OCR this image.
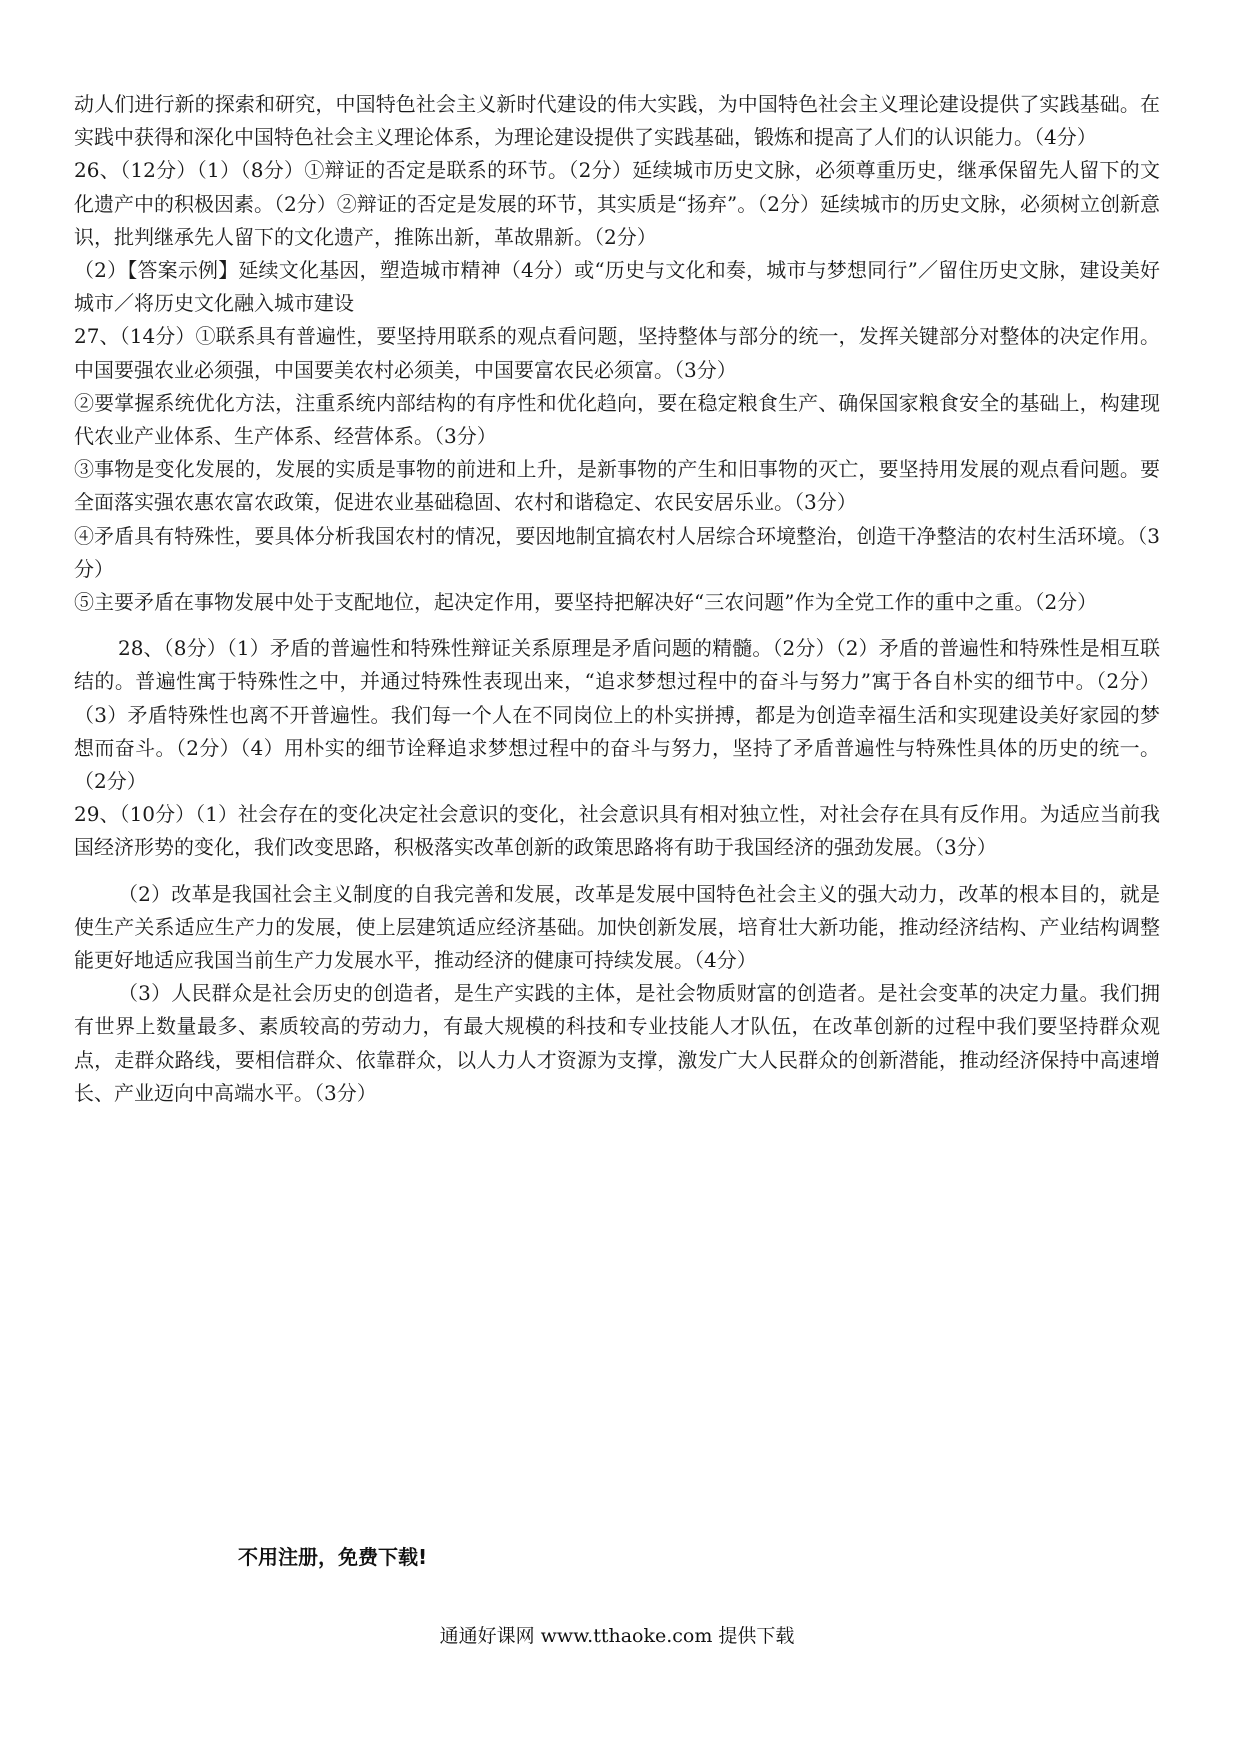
动人们进行新的探索和研究，中国特色社会主义新时代建设的伟大实践，为中国特色社会主义理论建设提供了实践基础。在实践中获得和深化中国特色社会主义理论体系，为理论建设提供了实践基础，锻炼和提高了人们的认识能力。（4分）

26、（12分）（1）（8分）①辩证的否定是联系的环节。（2分）延续城市历史文脉，必须尊重历史，继承保留先人留下的文化遗产中的积极因素。（2分）②辩证的否定是发展的环节，其实质是“扬弃”。（2分）延续城市的历史文脉，必须树立创新意识，批判继承先人留下的文化遗产，推陈出新，革故鼎新。（2分）

（2）【答案示例】延续文化基因，塑造城市精神（4分）或“历史与文化和奏，城市与梦想同行”／留住历史文脉，建设美好城市／将历史文化融入城市建设

27、（14分）①联系具有普遍性，要坚持用联系的观点看问题，坚持整体与部分的统一，发挥关键部分对整体的决定作用。中国要强农业必须强，中国要美农村必须美，中国要富农民必须富。（3分）

②要掌握系统优化方法，注重系统内部结构的有序性和优化趋向，要在稳定粮食生产、确保国家粮食安全的基础上，构建现代农业产业体系、生产体系、经营体系。（3分）

③事物是变化发展的，发展的实质是事物的前进和上升，是新事物的产生和旧事物的灭亡，要坚持用发展的观点看问题。要全面落实强农惠农富农政策，促进农业基础稳固、农村和谐稳定、农民安居乐业。（3分）

④矛盾具有特殊性，要具体分析我国农村的情况，要因地制宜搞农村人居综合环境整治，创造干净整洁的农村生活环境。（3分）

⑤主要矛盾在事物发展中处于支配地位，起决定作用，要坚持把解决好“三农问题”作为全党工作的重中之重。（2分）

28、（8分）（1）矛盾的普遍性和特殊性辩证关系原理是矛盾问题的精髓。（2分）（2）矛盾的普遍性和特殊性是相互联结的。普遍性寓于特殊性之中，并通过特殊性表现出来，“追求梦想过程中的奋斗与努力”寓于各自朴实的细节中。（2分）（3）矛盾特殊性也离不开普遍性。我们每一个人在不同岗位上的朴实拼搏，都是为创造幸福生活和实现建设美好家园的梦想而奋斗。（2分）（4）用朴实的细节诠释追求梦想过程中的奋斗与努力，坚持了矛盾普遍性与特殊性具体的历史的统一。（2分）

29、（10分）（1）社会存在的变化决定社会意识的变化，社会意识具有相对独立性，对社会存在具有反作用。为适应当前我国经济形势的变化，我们改变思路，积极落实改革创新的政策思路将有助于我国经济的强劲发展。（3分）

（2）改革是我国社会主义制度的自我完善和发展，改革是发展中国特色社会主义的强大动力，改革的根本目的，就是使生产关系适应生产力的发展，使上层建筑适应经济基础。加快创新发展，培育壮大新功能，推动经济结构、产业结构调整能更好地适应我国当前生产力发展水平，推动经济的健康可持续发展。（4分）

（3）人民群众是社会历史的创造者，是生产实践的主体，是社会物质财富的创造者。是社会变革的决定力量。我们拥有世界上数量最多、素质较高的劳动力，有最大规模的科技和专业技能人才队伍，在改革创新的过程中我们要坚持群众观点，走群众路线，要相信群众、依靠群众，以人力人才资源为支撑，激发广大人民群众的创新潜能，推动经济保持中高速增长、产业迈向中高端水平。（3分）

不用注册，免费下载!
通通好课网 www.tthaoke.com 提供下载
